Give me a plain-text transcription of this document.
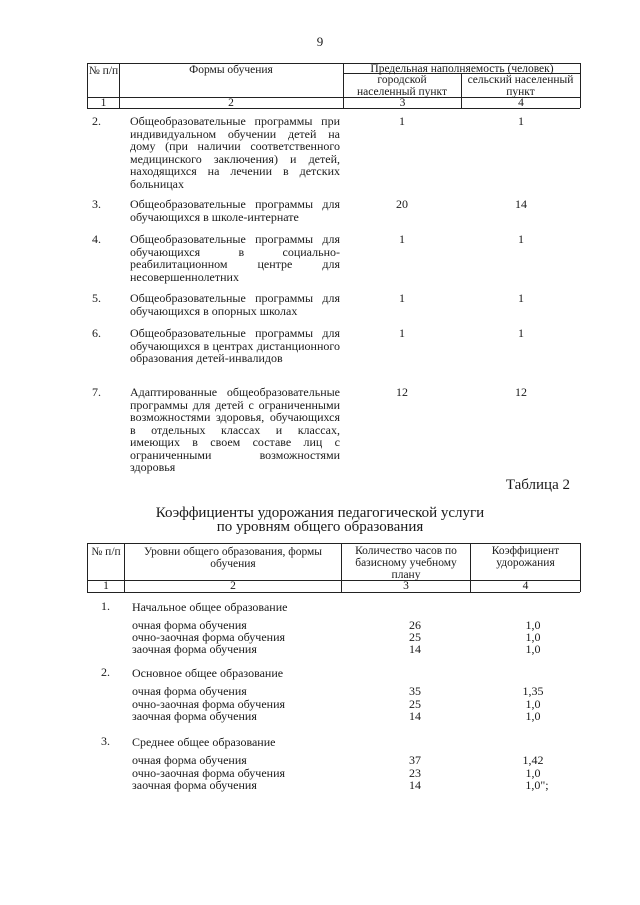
9
№ п/п	Формы обучения	Предельная наполняемость (человек)
городской населенный пункт
сельский населенный пункт
1	2	3	4
2. Общеобразовательные программы при индивидуальном обучении детей на дому (при наличии соответственного медицинского заключения) и детей, находящихся на лечении в детских больницах
1	1
3. Общеобразовательные программы для обучающихся в школе-интернате
20	14
4. Общеобразовательные программы для обучающихся в социально-реабилитационном центре для несовершеннолетних
1	1
5. Общеобразовательные программы для обучающихся в опорных школах
1	1
6. Общеобразовательные программы для обучающихся в центрах дистанционного образования детей-инвалидов
1	1
7. Адаптированные общеобразовательные программы для детей с ограниченными возможностями здоровья, обучающихся в отдельных классах и классах, имеющих в своем составе лиц с ограниченными возможностями здоровья
12	12
Таблица 2
Коэффициенты удорожания педагогической услуги
по уровням общего образования
№ п/п	Уровни общего образования, формы обучения
Количество часов по базисному учебному плану
Коэффициент удорожания
1	2	3	4
1. Начальное общее образование
очная форма обучения	26	1,0
очно-заочная форма обучения	25	1,0
заочная форма обучения	14	1,0
2. Основное общее образование
очная форма обучения	35	1,35
очно-заочная форма обучения	25	1,0
заочная форма обучения	14	1,0
3. Среднее общее образование
очная форма обучения	37	1,42
очно-заочная форма обучения	23	1,0
заочная форма обучения	14	1,0";
